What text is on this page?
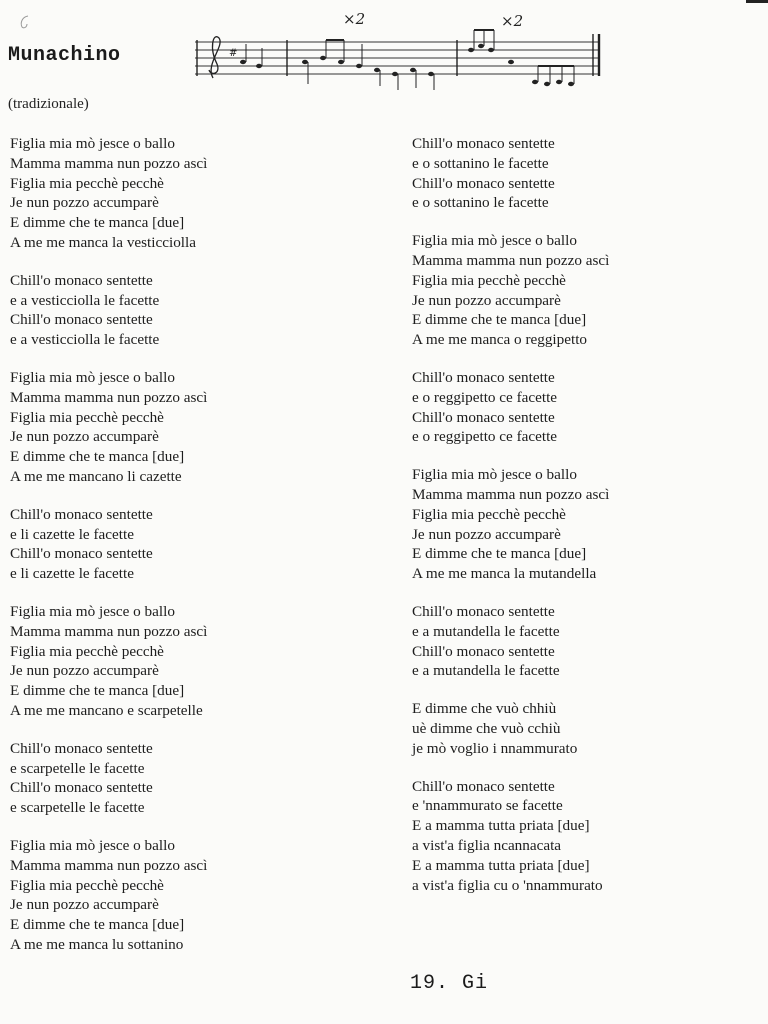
Munachino
(tradizionale)
#
×2	×2
Figlia mia mò jesce o ballo
Mamma mamma nun pozzo ascì
Figlia mia pecchè pecchè
Je nun pozzo accumparè
E dimme che te manca [due]
A me me manca la vesticciolla
Chill'o monaco sentette
e a vesticciolla le facette
Chill'o monaco sentette
e a vesticciolla le facette
Figlia mia mò jesce o ballo
Mamma mamma nun pozzo ascì
Figlia mia pecchè pecchè
Je nun pozzo accumparè
E dimme che te manca [due]
A me me mancano li cazette
Chill'o monaco sentette
e li cazette le facette
Chill'o monaco sentette
e li cazette le facette
Figlia mia mò jesce o ballo
Mamma mamma nun pozzo ascì
Figlia mia pecchè pecchè
Je nun pozzo accumparè
E dimme che te manca [due]
A me me mancano e scarpetelle
Chill'o monaco sentette
e scarpetelle le facette
Chill'o monaco sentette
e scarpetelle le facette
Figlia mia mò jesce o ballo
Mamma mamma nun pozzo ascì
Figlia mia pecchè pecchè
Je nun pozzo accumparè
E dimme che te manca [due]
A me me manca lu sottanino
Chill'o monaco sentette
e o sottanino le facette
Chill'o monaco sentette
e o sottanino le facette
Figlia mia mò jesce o ballo
Mamma mamma nun pozzo ascì
Figlia mia pecchè pecchè
Je nun pozzo accumparè
E dimme che te manca [due]
A me me manca o reggipetto
Chill'o monaco sentette
e o reggipetto ce facette
Chill'o monaco sentette
e o reggipetto ce facette
Figlia mia mò jesce o ballo
Mamma mamma nun pozzo ascì
Figlia mia pecchè pecchè
Je nun pozzo accumparè
E dimme che te manca [due]
A me me manca la mutandella
Chill'o monaco sentette
e a mutandella le facette
Chill'o monaco sentette
e a mutandella le facette
E dimme che vuò chhiù
uè dimme che vuò cchiù
je mò voglio i nnammurato
Chill'o monaco sentette
e 'nnammurato se facette
E a mamma tutta priata [due]
a vist'a figlia ncannacata
E a mamma tutta priata [due]
a vist'a figlia cu o 'nnammurato
19. Gi
